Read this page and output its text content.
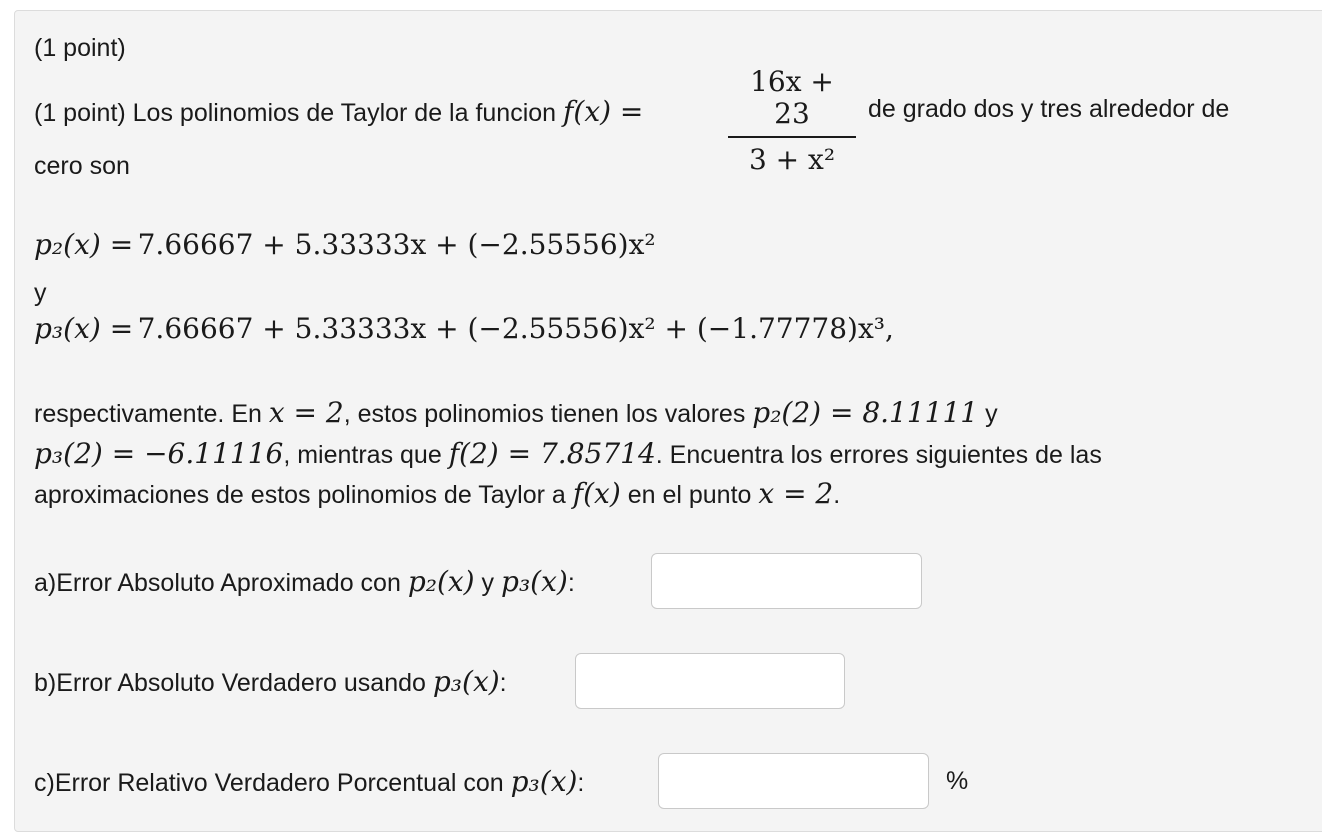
(1 point)
(1 point) Los polinomios de Taylor de la funcion f(x) =
16x + 23
3 + x²
de grado dos y tres alrededor de
cero son
p₂(x) = 7.66667 + 5.33333x + (−2.55556)x²
y
p₃(x) = 7.66667 + 5.33333x + (−2.55556)x² + (−1.77778)x³,
respectivamente. En x = 2, estos polinomios tienen los valores p₂(2) = 8.11111 y
p₃(2) = −6.11116, mientras que f(2) = 7.85714. Encuentra los errores siguientes de las
aproximaciones de estos polinomios de Taylor a f(x) en el punto x = 2.
a)Error Absoluto Aproximado con p₂(x) y p₃(x):
b)Error Absoluto Verdadero usando p₃(x):
c)Error Relativo Verdadero Porcentual con p₃(x):	%
